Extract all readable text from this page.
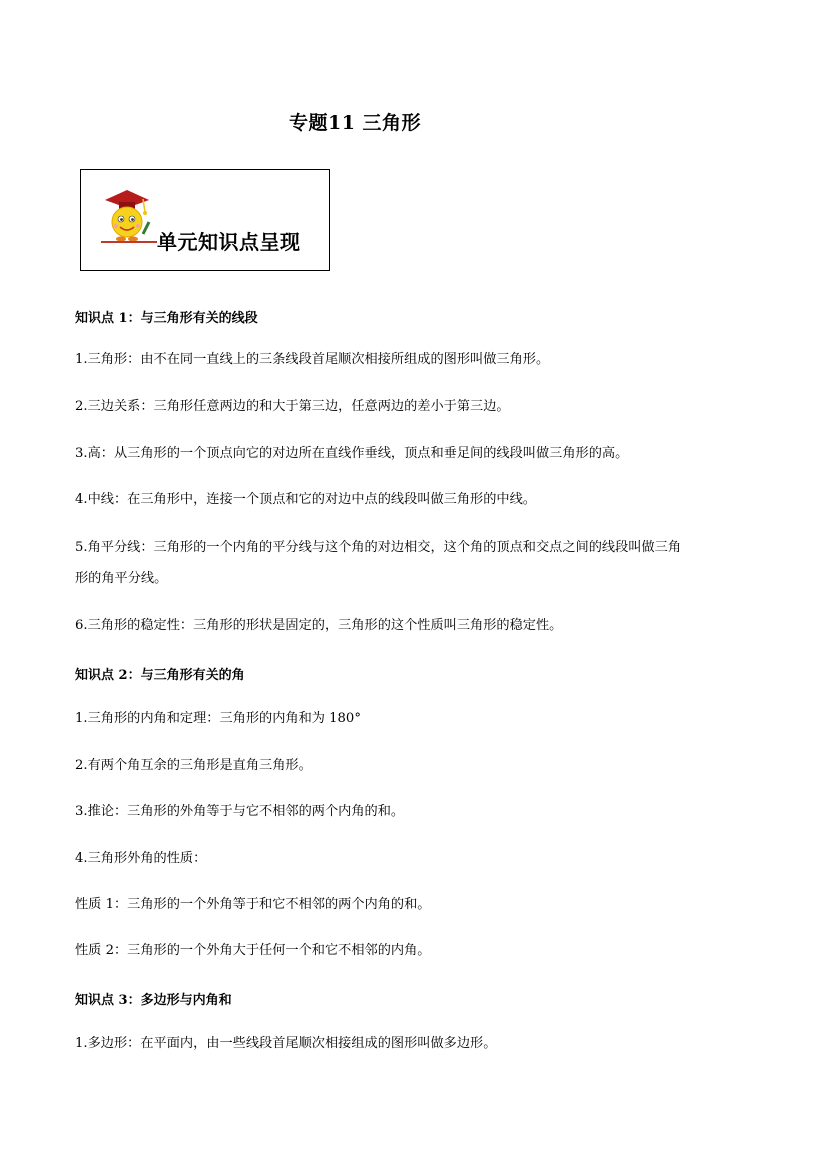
专题11 三角形
单元知识点呈现
知识点 1：与三角形有关的线段
1.三角形：由不在同一直线上的三条线段首尾顺次相接所组成的图形叫做三角形。
2.三边关系：三角形任意两边的和大于第三边，任意两边的差小于第三边。
3.高：从三角形的一个顶点向它的对边所在直线作垂线，顶点和垂足间的线段叫做三角形的高。
4.中线：在三角形中，连接一个顶点和它的对边中点的线段叫做三角形的中线。
5.角平分线：三角形的一个内角的平分线与这个角的对边相交，这个角的顶点和交点之间的线段叫做三角
形的角平分线。
6.三角形的稳定性：三角形的形状是固定的，三角形的这个性质叫三角形的稳定性。
知识点 2：与三角形有关的角
1.三角形的内角和定理：三角形的内角和为 180°
2.有两个角互余的三角形是直角三角形。
3.推论：三角形的外角等于与它不相邻的两个内角的和。
4.三角形外角的性质：
性质 1：三角形的一个外角等于和它不相邻的两个内角的和。
性质 2：三角形的一个外角大于任何一个和它不相邻的内角。
知识点 3：多边形与内角和
1.多边形：在平面内，由一些线段首尾顺次相接组成的图形叫做多边形。
